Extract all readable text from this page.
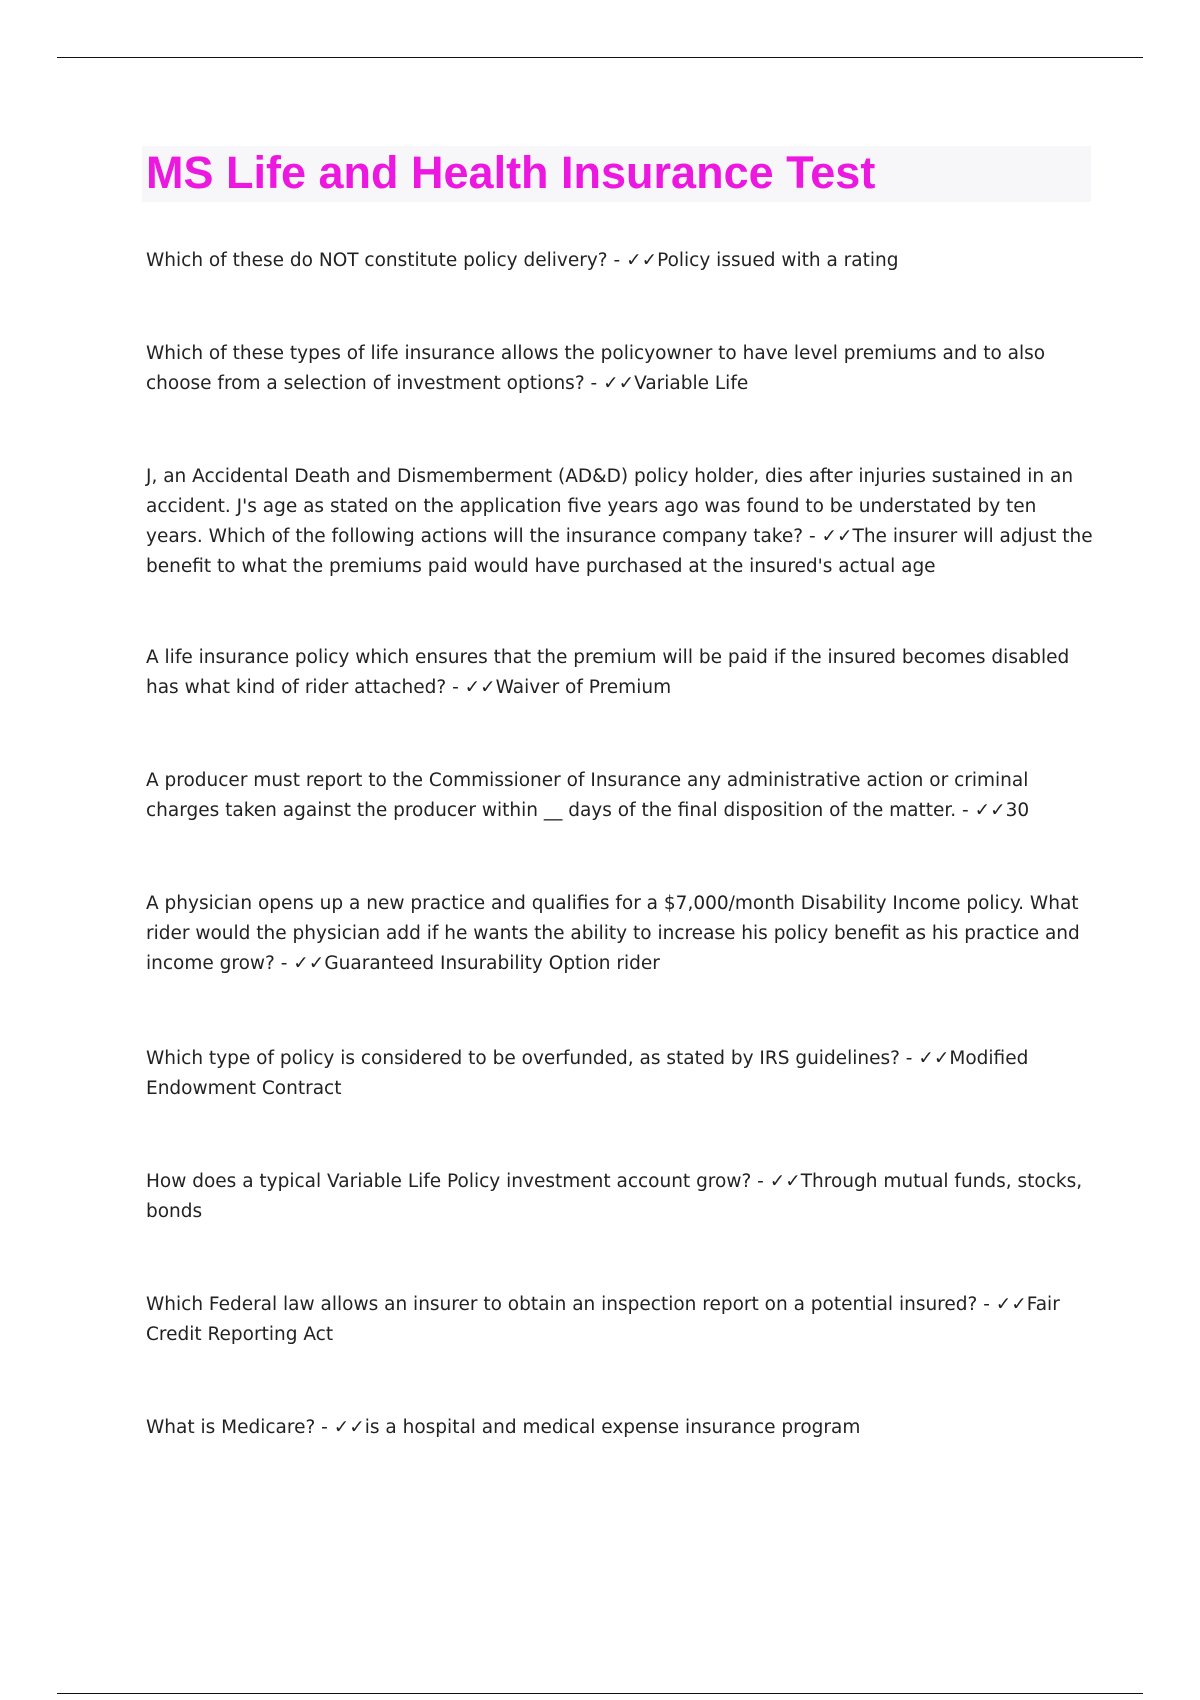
MS Life and Health Insurance Test

Which of these do NOT constitute policy delivery? - ✓✓Policy issued with a rating

Which of these types of life insurance allows the policyowner to have level premiums and to also choose from a selection of investment options? - ✓✓Variable Life

J, an Accidental Death and Dismemberment (AD&D) policy holder, dies after injuries sustained in an accident. J's age as stated on the application five years ago was found to be understated by ten years. Which of the following actions will the insurance company take? - ✓✓The insurer will adjust the benefit to what the premiums paid would have purchased at the insured's actual age

A life insurance policy which ensures that the premium will be paid if the insured becomes disabled has what kind of rider attached? - ✓✓Waiver of Premium

A producer must report to the Commissioner of Insurance any administrative action or criminal charges taken against the producer within __ days of the final disposition of the matter. - ✓✓30

A physician opens up a new practice and qualifies for a $7,000/month Disability Income policy. What rider would the physician add if he wants the ability to increase his policy benefit as his practice and income grow? - ✓✓Guaranteed Insurability Option rider

Which type of policy is considered to be overfunded, as stated by IRS guidelines? - ✓✓Modified Endowment Contract

How does a typical Variable Life Policy investment account grow? - ✓✓Through mutual funds, stocks, bonds

Which Federal law allows an insurer to obtain an inspection report on a potential insured? - ✓✓Fair Credit Reporting Act

What is Medicare? - ✓✓is a hospital and medical expense insurance program
